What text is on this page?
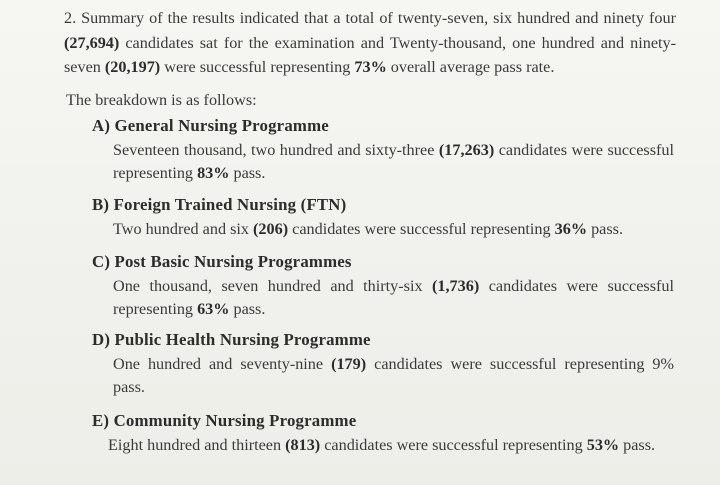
2. Summary of the results indicated that a total of twenty-seven, six hundred and ninety four (27,694) candidates sat for the examination and Twenty-thousand, one hundred and ninety-seven (20,197) were successful representing 73% overall average pass rate.
The breakdown is as follows:
A) General Nursing Programme

Seventeen thousand, two hundred and sixty-three (17,263) candidates were successful representing 83% pass.

B) Foreign Trained Nursing (FTN)

Two hundred and six (206) candidates were successful representing 36% pass.

C) Post Basic Nursing Programmes

One thousand, seven hundred and thirty-six (1,736) candidates were successful representing 63% pass.

D) Public Health Nursing Programme

One hundred and seventy-nine (179) candidates were successful representing 9% pass.

E) Community Nursing Programme

Eight hundred and thirteen (813) candidates were successful representing 53% pass.
